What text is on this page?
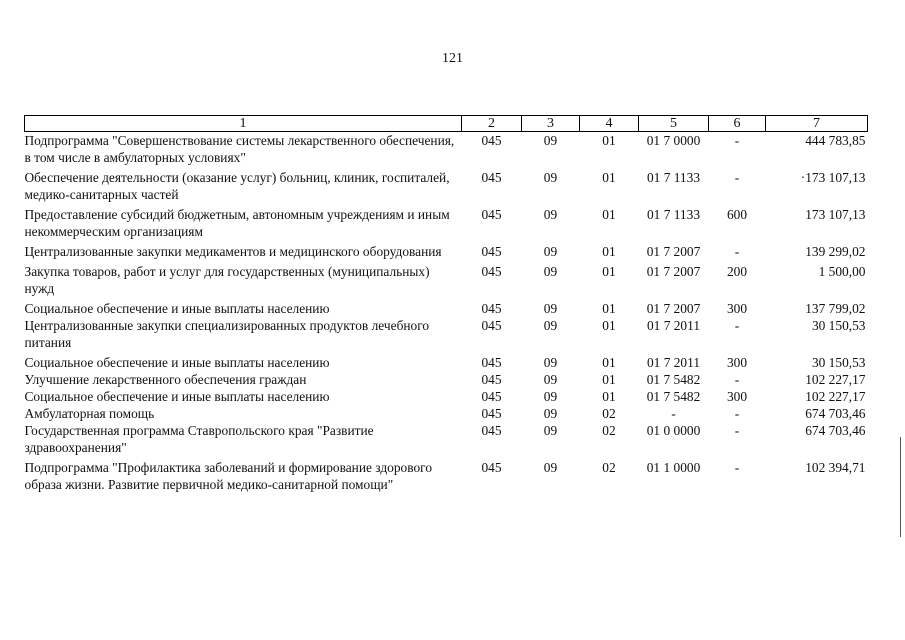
121
1	2	3	4	5	6	7
Подпрограмма "Совершенствование системы лекарственного обеспечения, в том числе в амбулаторных условиях"	045	09	01	01 7 0000	-	444 783,85
Обеспечение деятельности (оказание услуг) больниц, клиник, госпиталей, медико-санитарных частей	045	09	01	01 7 1133	-	·173 107,13
Предоставление субсидий бюджетным, автономным учреждениям и иным некоммерческим организациям	045	09	01	01 7 1133	600	173 107,13
Централизованные закупки медикаментов и медицинского оборудования	045	09	01	01 7 2007	-	139 299,02
Закупка товаров, работ и услуг для государственных (муниципальных) нужд	045	09	01	01 7 2007	200	1 500,00
Социальное обеспечение и иные выплаты населению	045	09	01	01 7 2007	300	137 799,02
Централизованные закупки специализированных продуктов лечебного питания	045	09	01	01 7 2011	-	30 150,53
Социальное обеспечение и иные выплаты населению	045	09	01	01 7 2011	300	30 150,53
Улучшение лекарственного обеспечения граждан	045	09	01	01 7 5482	-	102 227,17
Социальное обеспечение и иные выплаты населению	045	09	01	01 7 5482	300	102 227,17
Амбулаторная помощь	045	09	02	-	-	674 703,46
Государственная программа Ставропольского края "Развитие здравоохранения"	045	09	02	01 0 0000	-	674 703,46
Подпрограмма "Профилактика заболеваний и формирование здорового образа жизни. Развитие первичной медико-санитарной помощи"	045	09	02	01 1 0000	-	102 394,71
